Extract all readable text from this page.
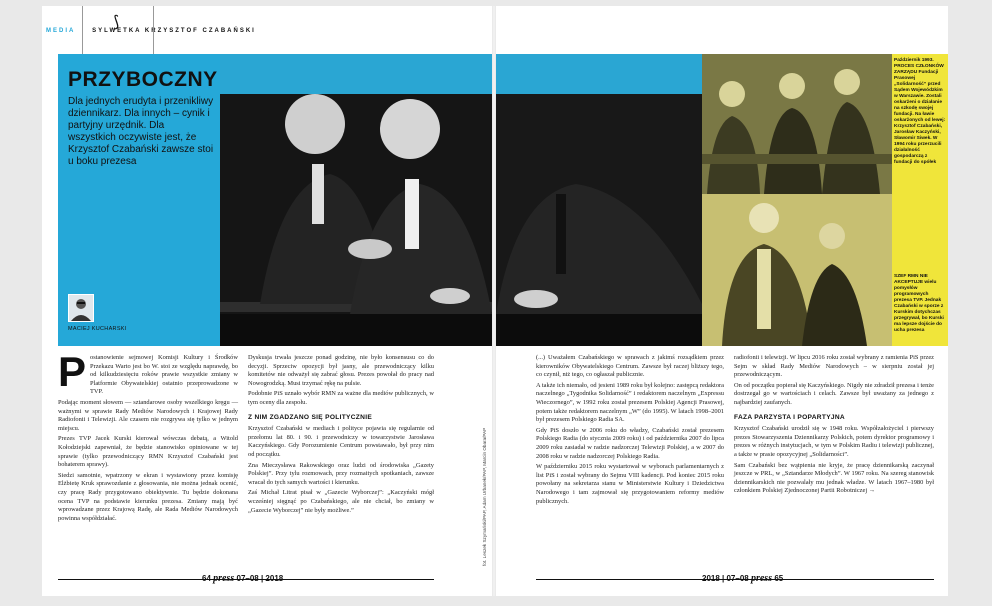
MEDIA | SYLWETKA KRZYSZTOF CZABAŃSKI
⟆
PRZYBOCZNY
Dla jednych erudyta i przenikliwy dziennikarz. Dla innych – cynik i partyjny urzędnik. Dla wszystkich oczywiste jest, że Krzysztof Czabański zawsze stoi u boku prezesa
MACIEJ KUCHARSKI
fot. Leszek Szymański/PAP, Adam Urbanek/PAP, Marcin Obara/PAP
P ostanowienie sejmowej Komisji Kultury i Środków Przekazu Warto jest bo W. stoi ze względu naprawdę, bo od kilkudziesięciu roków prawie wszystkie zmiany w Platformie Obywatelskiej ostatnio przeprowadzone w TVP.

Podając moment słowem — sztandarowe osoby wszelkiego kręgu — ważnymi w sprawie Rady Mediów Narodowych i Krajowej Rady Radiofonii i Telewizji. Ale czasem nie rozgrywa się tylko w jednym miejscu.

Prezes TVP Jacek Kurski kierował wówczas debatą, a Witold Kołodziejski zapewniał, że będzie stanowisko opiniowane w tej sprawie (tylko przewodniczący RMN Krzysztof Czabański jest bohaterem sprawy).

Siedzi samotnie, wpatrzony w ekran i wystawiony przez komisję Elżbietę Kruk sprawozdanie z głosowania, nie można jednak ocenić, czy pracę Rady przygotowano obiektywnie. Tu będzie dokonana ocena TVP na podstawie kierunku prezesa. Zmiany mają być wprowadzane przez Krajową Radę, ale Rada Mediów Narodowych powinna współdziałać.

Dyskusja trwała jeszcze ponad godzinę, nie było konsensusu co do decyzji. Sprzeciw opozycji był jasny, ale przewodniczący kilku komitetów nie odważył się zabrać głosu. Prezes powołał do pracy nad Nowogrodzką. Musi trzymać rękę na pulsie.

Podobnie PiS uznało wybór RMN za ważne dla mediów publicznych, w tym oceny dla zespołu.

Z NIM ZGADZANO SIĘ POLITYCZNIE

Krzysztof Czabański w mediach i polityce pojawia się regularnie od przełomu lat 80. i 90. i przewodniczy w towarzystwie Jarosława Kaczyńskiego. Gdy Porozumienie Centrum powstawało, był przy nim od początku.

Zna Mieczysława Rakowskiego oraz ludzi od środowiska „Gazety Polskiej”. Przy tylu rozmowach, przy rozmaitych spotkaniach, zawsze wracał do tych samych wartości i kierunku.

Zaś Michał Litrat pisał w „Gazecie Wyborczej”: „Kaczyński mógł wcześniej sięgnąć po Czabańskiego, ale nie chciał, bo zmiany w „Gazecie Wyborczej” nie były możliwe.”

64 press 07–08 | 2018
Październik 1993. PROCES CZŁONKÓW ZARZĄDU Fundacji Prasowej „Solidarność” przed Sądem Wojewódzkim w Warszawie. Zostali oskarżeni o działanie na szkodę swojej fundacji. Na ławie oskarżonych od lewej: Krzysztof Czabański, Jarosław Kaczyński, Sławomir Siwek. W 1994 roku przerzucili działalność gospodarczą z fundacji do spółek
SZEF RMN NIE AKCEPTUJE wielu pomysłów programowych prezesa TVP. Jednak Czabański w sporze z Kurskim dotychczas przegrywał, bo Kurski ma lepsze dojście do ucha prezesa

(...) Uważałem Czabańskiego w sprawach z jakimś rozsądkiem przez kierowników Obywatelskiego Centrum. Zawsze był raczej bliższy tego, co czynił, niż tego, co ogłaszał publicznie.

A także ich niemało, od jesieni 1989 roku był kolejno: zastępcą redaktora naczelnego „Tygodnika Solidarność” i redaktorem naczelnym „Expressu Wieczornego”, w 1992 roku został prezesem Polskiej Agencji Prasowej, potem także redaktorem naczelnym „W” (do 1995). W latach 1998–2001 był prezesem Polskiego Radia SA.

Gdy PiS doszło w 2006 roku do władzy, Czabański został prezesem Polskiego Radia (do stycznia 2009 roku) i od października 2007 do lipca 2009 roku zasiadał w radzie nadzorczej Telewizji Polskiej, a w 2007 do 2008 roku w radzie nadzorczej Polskiego Radia.

W październiku 2015 roku wystartował w wyborach parlamentarnych z list PiS i został wybrany do Sejmu VIII kadencji. Pod koniec 2015 roku powołany na sekretarza stanu w Ministerstwie Kultury i Dziedzictwa Narodowego i tam zajmował się przygotowaniem reformy mediów publicznych.

radiofonii i telewizji. W lipcu 2016 roku został wybrany z ramienia PiS przez Sejm w skład Rady Mediów Narodowych – w sierpniu został jej przewodniczącym.

On od początku popierał się Kaczyńskiego. Nigdy nie zdradził prezesa i tenże dostrzegał go w wartościach i celach. Zawsze był uważany za jednego z najbardziej zaufanych.

FAZA PARZYSTA I POPARTYJNA

Krzysztof Czabański urodził się w 1948 roku. Współzałożyciel i pierwszy prezes Stowarzyszenia Dziennikarzy Polskich, potem dyrektor programowy i prezes w różnych instytucjach, w tym w Polskim Radiu i telewizji publicznej, a także w prasie opozycyjnej „Solidarności”.

Sam Czabański bez wątpienia nie kryje, że pracę dziennikarską zaczynał jeszcze w PRL, w „Sztandarze Młodych”. W 1967 roku. Na szereg stanowisk dziennikarskich nie pozwalały mu jednak władze. W latach 1967–1980 był członkiem Polskiej Zjednoczonej Partii Robotniczej →

2018 | 07–08 press 65
